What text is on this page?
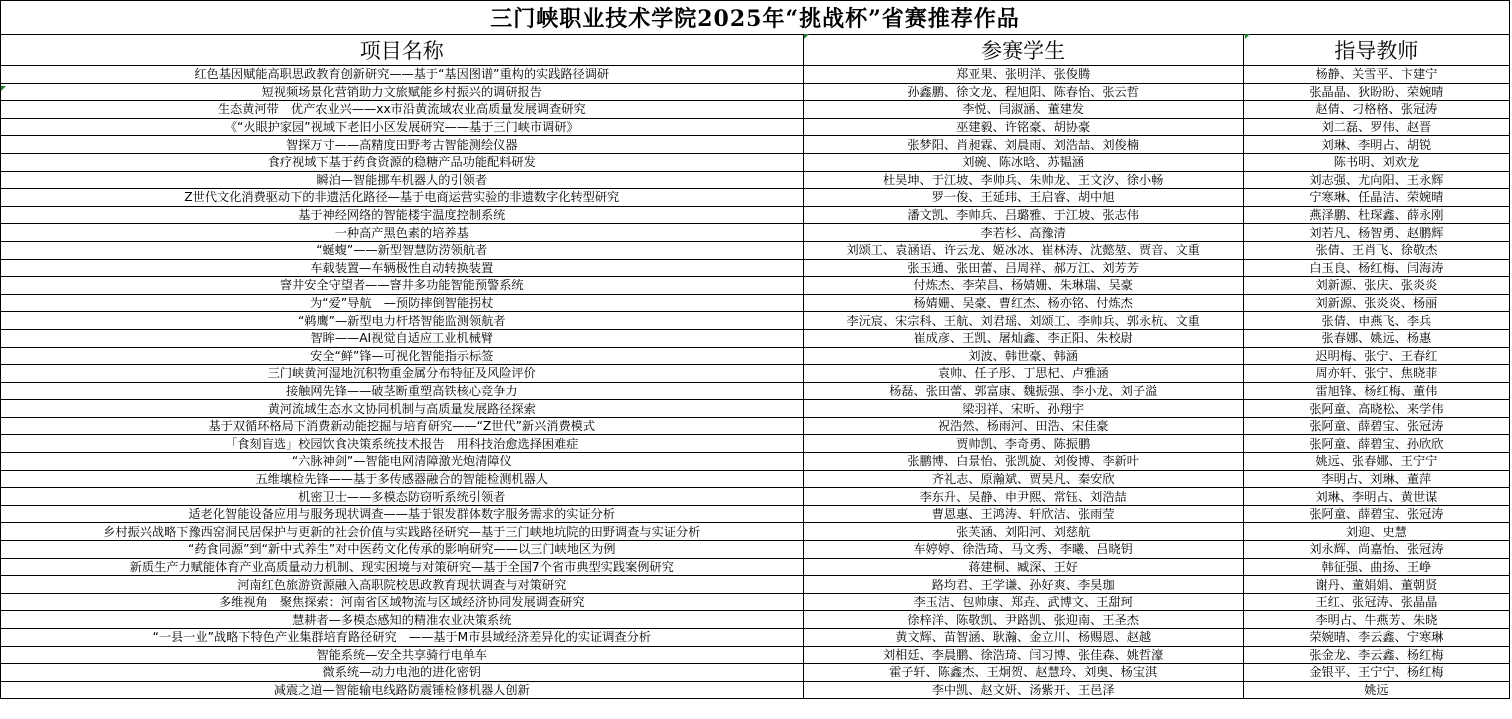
三门峡职业技术学院2025年“挑战杯”省赛推荐作品		
项目名称	参赛学生	指导教师
红色基因赋能高职思政教育创新研究——基于“基因图谱”重构的实践路径调研	郑亚果、张明洋、张俊腾	杨静、关雪平、卞建宁
短视频场景化营销助力文旅赋能乡村振兴的调研报告	孙鑫鹏、徐文龙、程旭阳、陈春怡、张云哲	张晶晶、狄盼盼、荣婉晴
生态黄河带　优产农业兴——xx市沿黄流域农业高质量发展调查研究	李悦、闫淑涵、董建发	赵倩、刁格格、张冠涛
《“火眼护家园”视域下老旧小区发展研究——基于三门峡市调研》	巫建毅、许铭豪、胡协豪	刘二磊、罗伟、赵晋
智探万寸——高精度田野考古智能测绘仪器	张梦阳、肖昶霖、刘晨雨、刘浩喆、刘俊楠	刘琳、李明占、胡锐
食疗视域下基于药食资源的稳糖产品功能配料研发	刘碗、陈冰晗、苏韫涵	陈书明、刘欢龙
瞬泊—智能挪车机器人的引领者	杜昊坤、于江坡、李帅兵、朱帅龙、王文汐、徐小畅	刘志强、尤向阳、王永辉
Z世代文化消费驱动下的非遗活化路径—基于电商运营实验的非遗数字化转型研究	罗一俊、王延玮、王启睿、胡中旭	宁寒琳、任晶洁、荣婉晴
基于神经网络的智能楼宇温度控制系统	潘文凯、李帅兵、吕璐雅、于江坡、张志伟	燕泽鹏、杜琛鑫、薛永刚
一种高产黑色素的培养基	李若杉、高豫清	刘若凡、杨智勇、赵鹏辉
“蜒蝮”——新型智慧防涝领航者	刘颂工、袁涵语、许云龙、姬冰冰、崔林涛、沈懿堃、贾音、文重	张倩、王肖飞、徐敬杰
车载装置—车辆极性自动转换装置	张玉通、张田蕾、吕周祥、郝万江、刘芳芳	白玉良、杨红梅、闫海涛
窨井安全守望者——窨井多功能智能预警系统	付炼杰、李荣昌、杨婧姗、朱琳瑞、吴豪	刘新源、张庆、张炎炎
为“爱”导航　—预防摔倒智能拐杖	杨婧姗、吴豪、曹红杰、杨亦铭、付炼杰	刘新源、张炎炎、杨丽
“鹈鹰”—新型电力杆塔智能监测领航者	李沅宸、宋宗科、王航、刘君瑶、刘颂工、李帅兵、郭永杭、文重	张倩、申燕飞、李兵
智眸——AI视觉自适应工业机械臂	崔成彦、王凯、屠灿鑫、李正阳、朱校尉	张春娜、姚远、杨惠
安全“鲜”锋—可视化智能指示标签	刘波、韩世豪、韩涵	迟明梅、张宁、王春红
三门峡黄河湿地沉积物重金属分布特征及风险评价	袁帅、任子彤、丁思杞、卢雅涵	周亦轩、张宁、焦晓菲
接触网先锋——破茎断重塑高铁核心竞争力	杨磊、张田蕾、郭富康、魏振强、李小龙、刘子溢	雷旭锋、杨红梅、董伟
黄河流域生态水文协同机制与高质量发展路径探索	梁羽祥、宋昕、孙翔宇	张阿童、高晓松、来学伟
基于双循环格局下消费新动能挖掘与培育研究——“Z世代”新兴消费模式	祝浩然、杨雨河、田浩、宋佳豪	张阿童、薛碧宝、张冠涛
「食刻盲选」校园饮食决策系统技术报告　用科技治愈选择困难症	贾帅凯、李奇勇、陈振鹏	张阿童、薛碧宝、孙欣欣
“六脉神剑”—智能电网清障激光炮清障仪	张鹏博、白景怡、张凯旋、刘俊博、李新叶	姚远、张春娜、王宁宁
五维壤检先锋——基于多传感器融合的智能检测机器人	齐礼志、原瀚斌、贾昊凡、秦安欣	李明占、刘琳、董萍
机密卫士——多模态防窃听系统引领者	李东升、吴静、申尹熙、常钰、刘浩喆	刘琳、李明占、黄世谋
适老化智能设备应用与服务现状调查——基于银发群体数字服务需求的实证分析	曹恩惠、王鸿涛、轩欣洁、张雨莹	张阿童、薛碧宝、张冠涛
乡村振兴战略下豫西窑洞民居保护与更新的社会价值与实践路径研究—基于三门峡地坑院的田野调查与实证分析	张芙涵、刘阳河、刘慈航	刘迎、史慧
“药食同源”到“新中式养生”对中医药文化传承的影响研究——以三门峡地区为例	车婷婷、徐浩琦、马文秀、李曦、吕晓钥	刘永辉、尚嘉怡、张冠涛
新质生产力赋能体育产业高质量动力机制、现实困境与对策研究—基于全国7个省市典型实践案例研究	蒋建桐、臧深、王好	韩征强、曲扬、王峥
河南红色旅游资源融入高职院校思政教育现状调查与对策研究	路均君、王学谦、孙好爽、李昊珈	谢丹、董娟娟、董朝贤
多维视角　聚焦探索：河南省区域物流与区域经济协同发展调查研究	李玉洁、包帅康、郑垚、武博文、王甜珂	王红、张冠涛、张晶晶
慧耕者—多模态感知的精准农业决策系统	徐梓洋、陈敬凯、尹路凯、张迎南、王圣杰	李明占、牛燕芳、朱晓
“一县一业”战略下特色产业集群培育路径研究　——基于M市县域经济差异化的实证调查分析	黄文辉、苗智涵、耿瀚、金立川、杨赐恩、赵越	荣婉晴、李云鑫、宁寒琳
智能系统—安全共享骑行电单车	刘相廷、李晨鹏、徐浩琦、闫习博、张佳森、姚哲濠	张金龙、李云鑫、杨红梅
微系统—动力电池的进化密钥	霍子轩、陈鑫杰、王炯贺、赵慧玲、刘奥、杨宝淇	金银平、王宁宁、杨红梅
减震之道—智能输电线路防震锤检修机器人创新	李中凯、赵文妍、汤紫开、王邑泽	姚远
